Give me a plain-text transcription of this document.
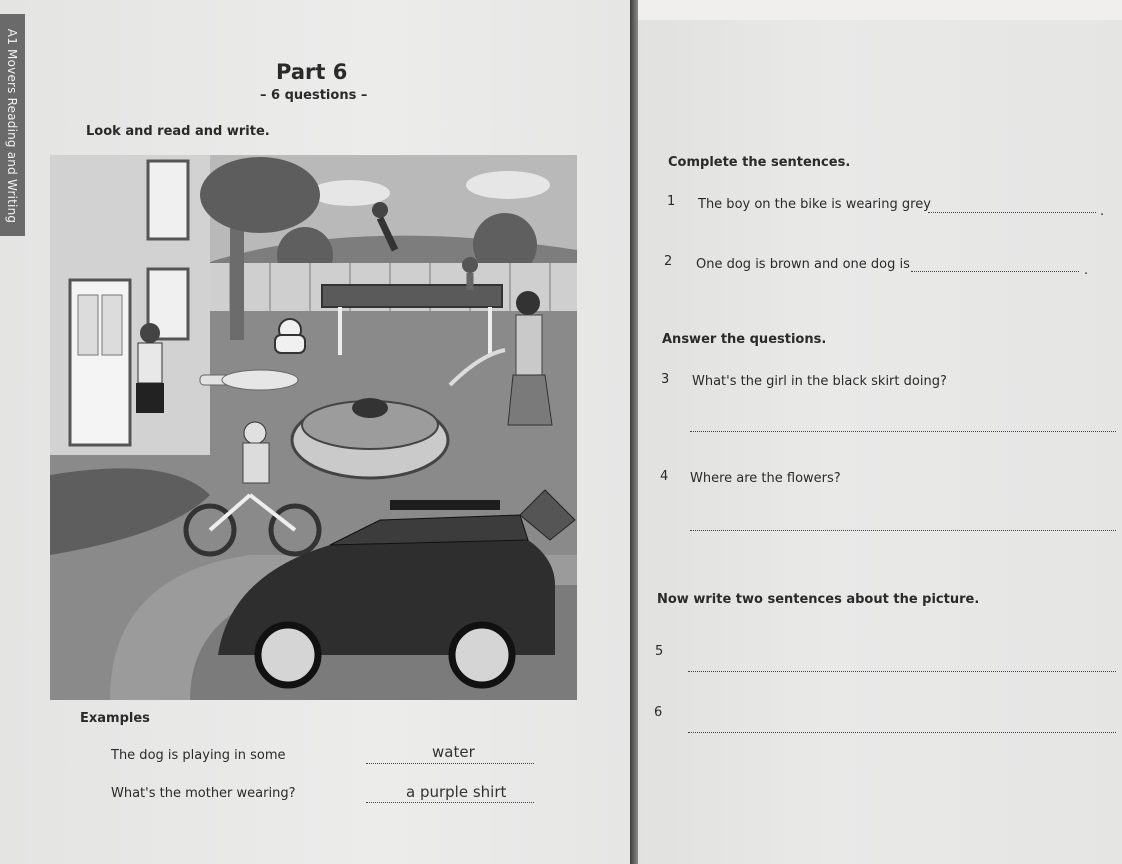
A1 Movers Reading and Writing	Part 6
– 6 questions –
Look and read and write.
Examples
The dog is playing in some	water
What's the mother wearing?	a purple shirt
Complete the sentences.
1 The boy on the bike is wearing grey	.
2 One dog is brown and one dog is	.
Answer the questions.
3 What's the girl in the black skirt doing?
4 Where are the flowers?
Now write two sentences about the picture.
5
6
